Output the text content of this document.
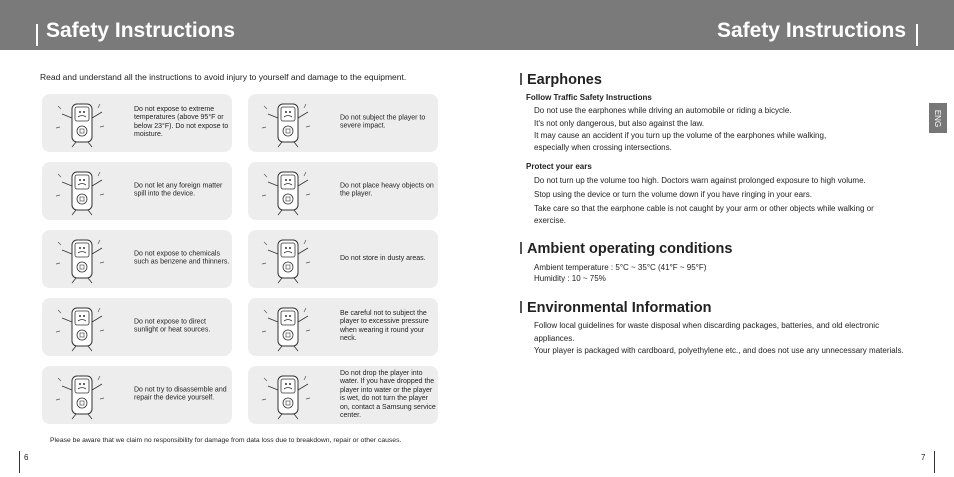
Safety Instructions
Read and understand all the instructions to avoid injury to yourself and damage to the equipment.
Do not expose to extreme temperatures (above 95°F or below 23°F). Do not expose to moisture.
Do not subject the player to severe impact.
Do not let any foreign matter spill into the device.
Do not place heavy objects on the player.
Do not expose to chemicals such as benzene and thinners.
Do not store in dusty areas.
Do not expose to direct sunlight or heat sources.
Be careful not to subject the player to excessive pressure when wearing it round your neck.
Do not try to disassemble and repair the device yourself.
Do not drop the player into water. If you have dropped the player into water or the player is wet, do not turn the player on, contact a Samsung service center.
Please be aware that we claim no responsibility for damage from data loss due to breakdown, repair or other causes.
6
Safety Instructions
ENG
Earphones
Follow Traffic Safety Instructions
Do not use the earphones while driving an automobile or riding a bicycle.
It's not only dangerous, but also against the law.
It may cause an accident if you turn up the volume of the earphones while walking,
especially when crossing intersections.
Protect your ears
Do not turn up the volume too high. Doctors warn against prolonged exposure to high volume.
Stop using the device or turn the volume down if you have ringing in your ears.
Take care so that the earphone cable is not caught by your arm or other objects while walking or
exercise.
Ambient operating conditions
Ambient temperature : 5°C ~ 35°C (41°F ~ 95°F)
Humidity : 10 ~ 75%
Environmental Information
Follow local guidelines for waste disposal when discarding packages, batteries, and old electronic
appliances.
Your player is packaged with cardboard, polyethylene etc., and does not use any unnecessary materials.
7
